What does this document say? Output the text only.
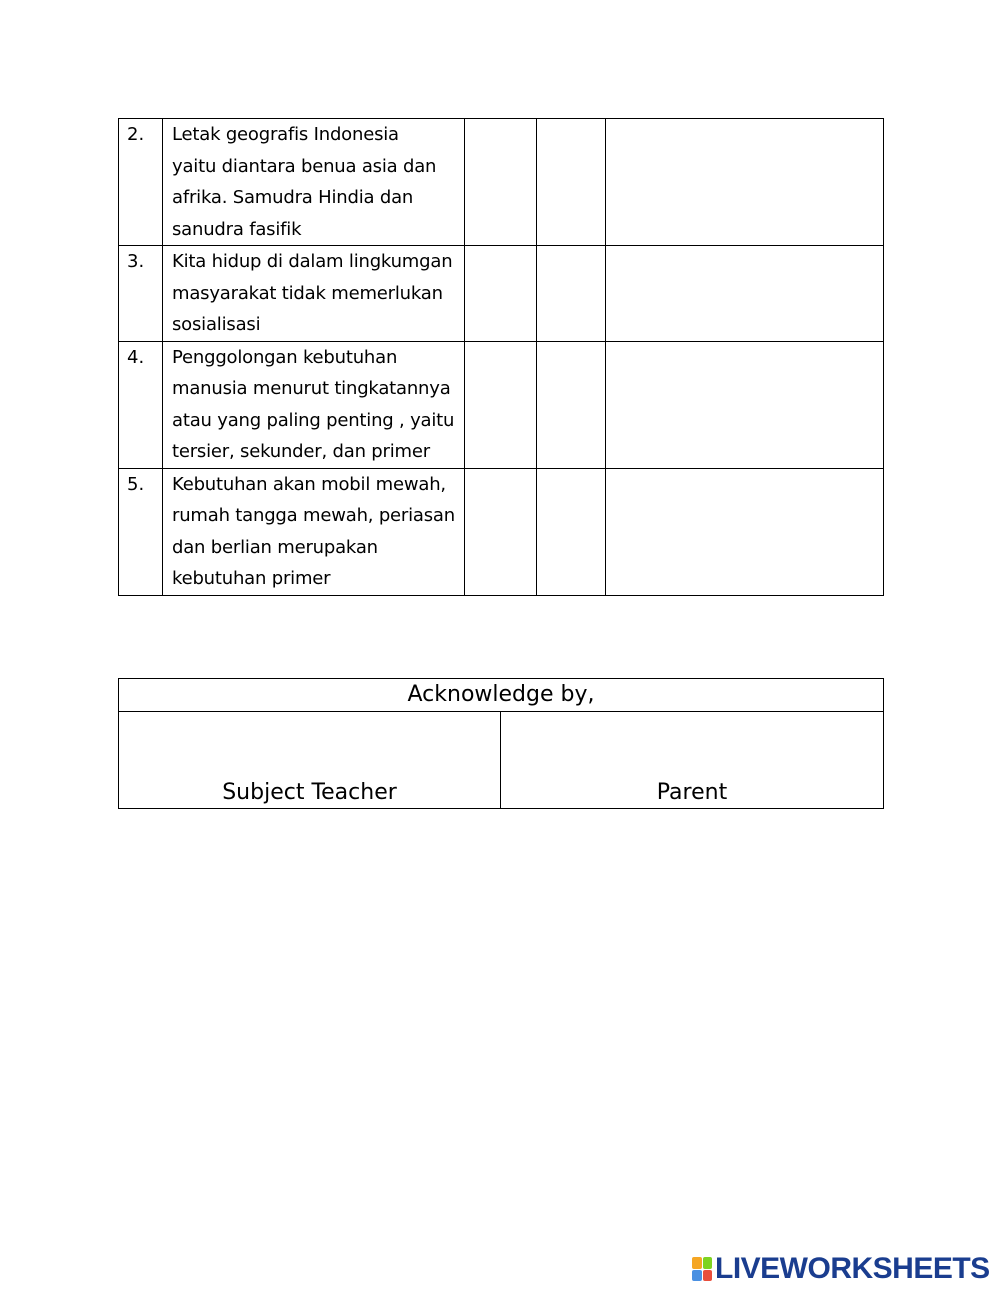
2.	Letak geografis Indonesia
yaitu diantara benua asia dan
afrika. Samudra Hindia dan
sanudra fasifik			

3.	Kita hidup di dalam lingkumgan
masyarakat tidak memerlukan
sosialisasi			

4.	Penggolongan kebutuhan
manusia menurut tingkatannya
atau yang paling penting , yaitu
tersier, sekunder, dan primer			

5.	Kebutuhan akan mobil mewah,
rumah tangga mewah, periasan
dan berlian merupakan
kebutuhan primer			

Acknowledge by,
Subject Teacher	Parent
LIVEWORKSHEETS
